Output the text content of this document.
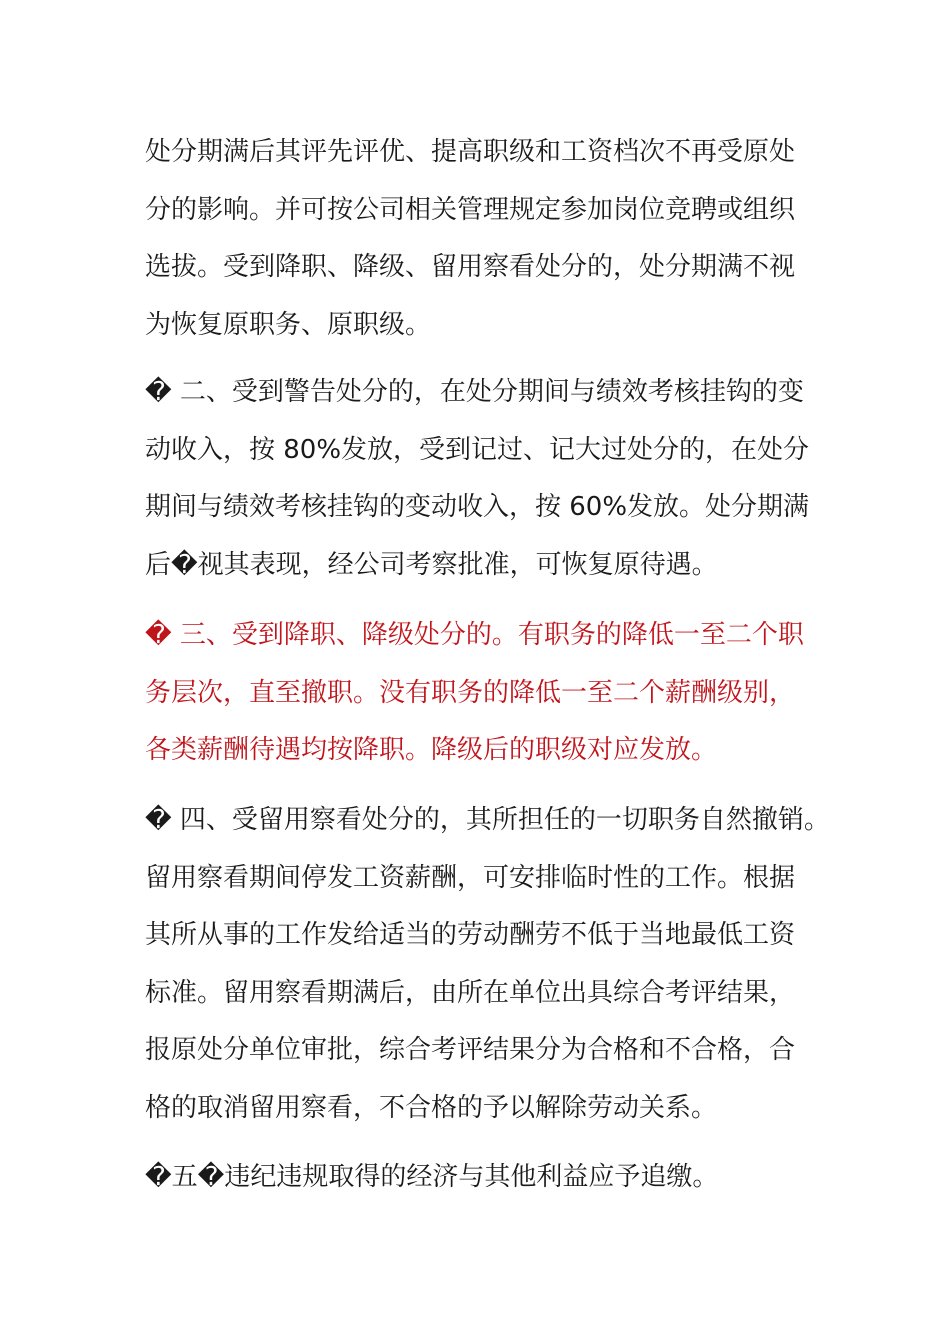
处分期满后其评先评优、提高职级和工资档次不再受原处
分的影响。并可按公司相关管理规定参加岗位竞聘或组织
选拔。受到降职、降级、留用察看处分的，处分期满不视
为恢复原职务、原职级。
� 二、受到警告处分的，在处分期间与绩效考核挂钩的变
动收入，按 80%发放，受到记过、记大过处分的，在处分
期间与绩效考核挂钩的变动收入，按 60%发放。处分期满
后�视其表现，经公司考察批准，可恢复原待遇。
� 三、受到降职、降级处分的。有职务的降低一至二个职
务层次，直至撤职。没有职务的降低一至二个薪酬级别，
各类薪酬待遇均按降职。降级后的职级对应发放。
� 四、受留用察看处分的，其所担任的一切职务自然撤销。
留用察看期间停发工资薪酬，可安排临时性的工作。根据
其所从事的工作发给适当的劳动酬劳不低于当地最低工资
标准。留用察看期满后，由所在单位出具综合考评结果，
报原处分单位审批，综合考评结果分为合格和不合格，合
格的取消留用察看，不合格的予以解除劳动关系。
�五�违纪违规取得的经济与其他利益应予追缴。
